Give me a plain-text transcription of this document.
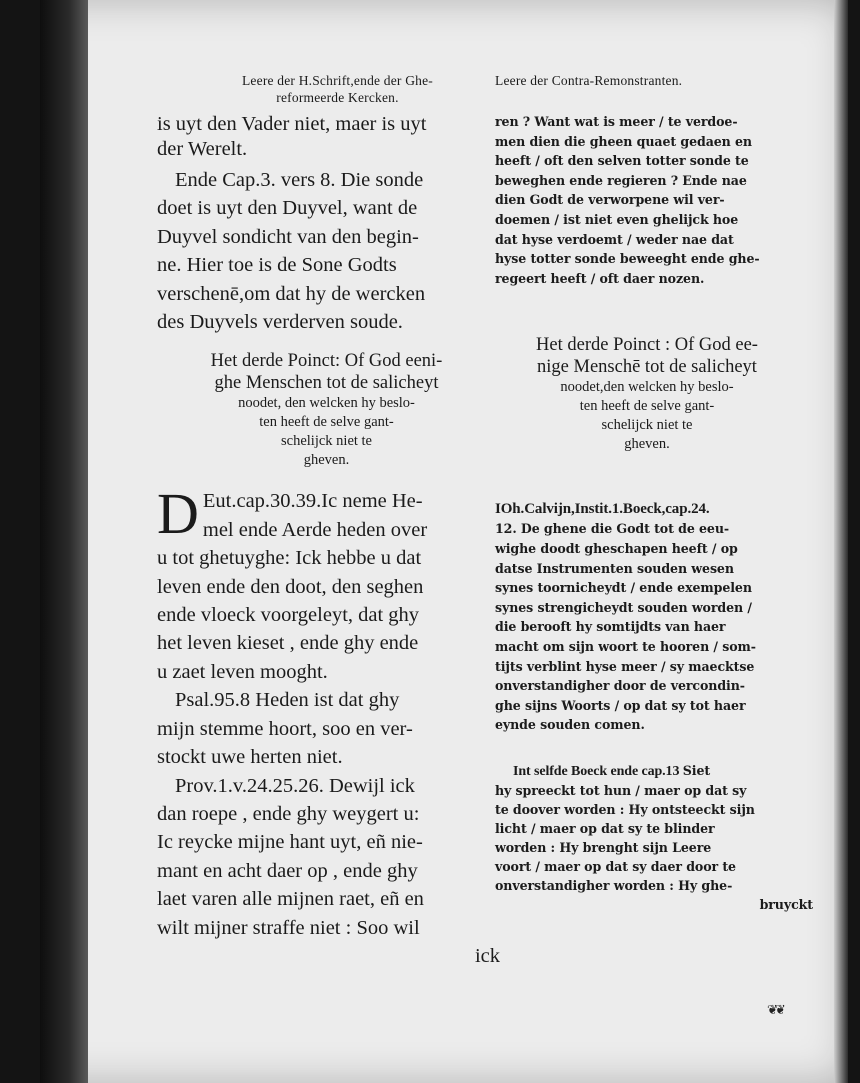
Leere der H.Schrift,ende der Ghe-
reformeerde Kercken.
is uyt den Vader niet, maer is uyt
der Werelt.
Ende Cap.3. vers 8. Die sonde
doet is uyt den Duyvel, want de
Duyvel sondicht van den begin-
ne. Hier toe is de Sone Godts
verschenē,om dat hy de wercken
des Duyvels verderven soude.
Het derde Poinct: Of God eeni-
ghe Menschen tot de salicheyt
noodet, den welcken hy beslo-
ten heeft de selve gant-
schelijck niet te
gheven.
D Eut.cap.30.39.Ic neme He-
mel ende Aerde heden over
u tot ghetuyghe: Ick hebbe u dat
leven ende den doot, den seghen
ende vloeck voorgeleyt, dat ghy
het leven kieset , ende ghy ende
u zaet leven mooght.
Psal.95.8 Heden ist dat ghy
mijn stemme hoort, soo en ver-
stockt uwe herten niet.
Prov.1.v.24.25.26. Dewijl ick
dan roepe , ende ghy weygert u:
Ic reycke mijne hant uyt, eñ nie-
mant en acht daer op , ende ghy
laet varen alle mijnen raet, eñ en
wilt mijner straffe niet : Soo wil
ick
Leere der Contra-Remonstranten.
ren ? Want wat is meer / te verdoe-
men dien die gheen quaet gedaen en
heeft / oft den selven totter sonde te
beweghen ende regieren ? Ende nae
dien Godt de verworpene wil ver-
doemen / ist niet even ghelijck hoe
dat hyse verdoemt / weder nae dat
hyse totter sonde beweeght ende ghe-
regeert heeft / oft daer nozen.
Het derde Poinct : Of God ee-
nige Menschē tot de salicheyt
noodet,den welcken hy beslo-
ten heeft de selve gant-
schelijck niet te
gheven.
IOh.Calvijn,Instit.1.Boeck,cap.24.
12. De ghene die Godt tot de eeu-
wighe doodt gheschapen heeft / op
datse Instrumenten souden wesen
synes toornicheydt / ende exempelen
synes strengicheydt souden worden /
die berooft hy somtijdts van haer
macht om sijn woort te hooren / som-
tijts verblint hyse meer / sy maecktse
onverstandigher door de vercondin-
ghe sijns Woorts / op dat sy tot haer
eynde souden comen.
Int selfde Boeck ende cap.13 Siet
hy spreeckt tot hun / maer op dat sy
te doover worden : Hy ontsteeckt sijn
licht / maer op dat sy te blinder
worden : Hy brenght sijn Leere
voort / maer op dat sy daer door te
onverstandigher worden : Hy ghe-
bruyckt
❦❦
